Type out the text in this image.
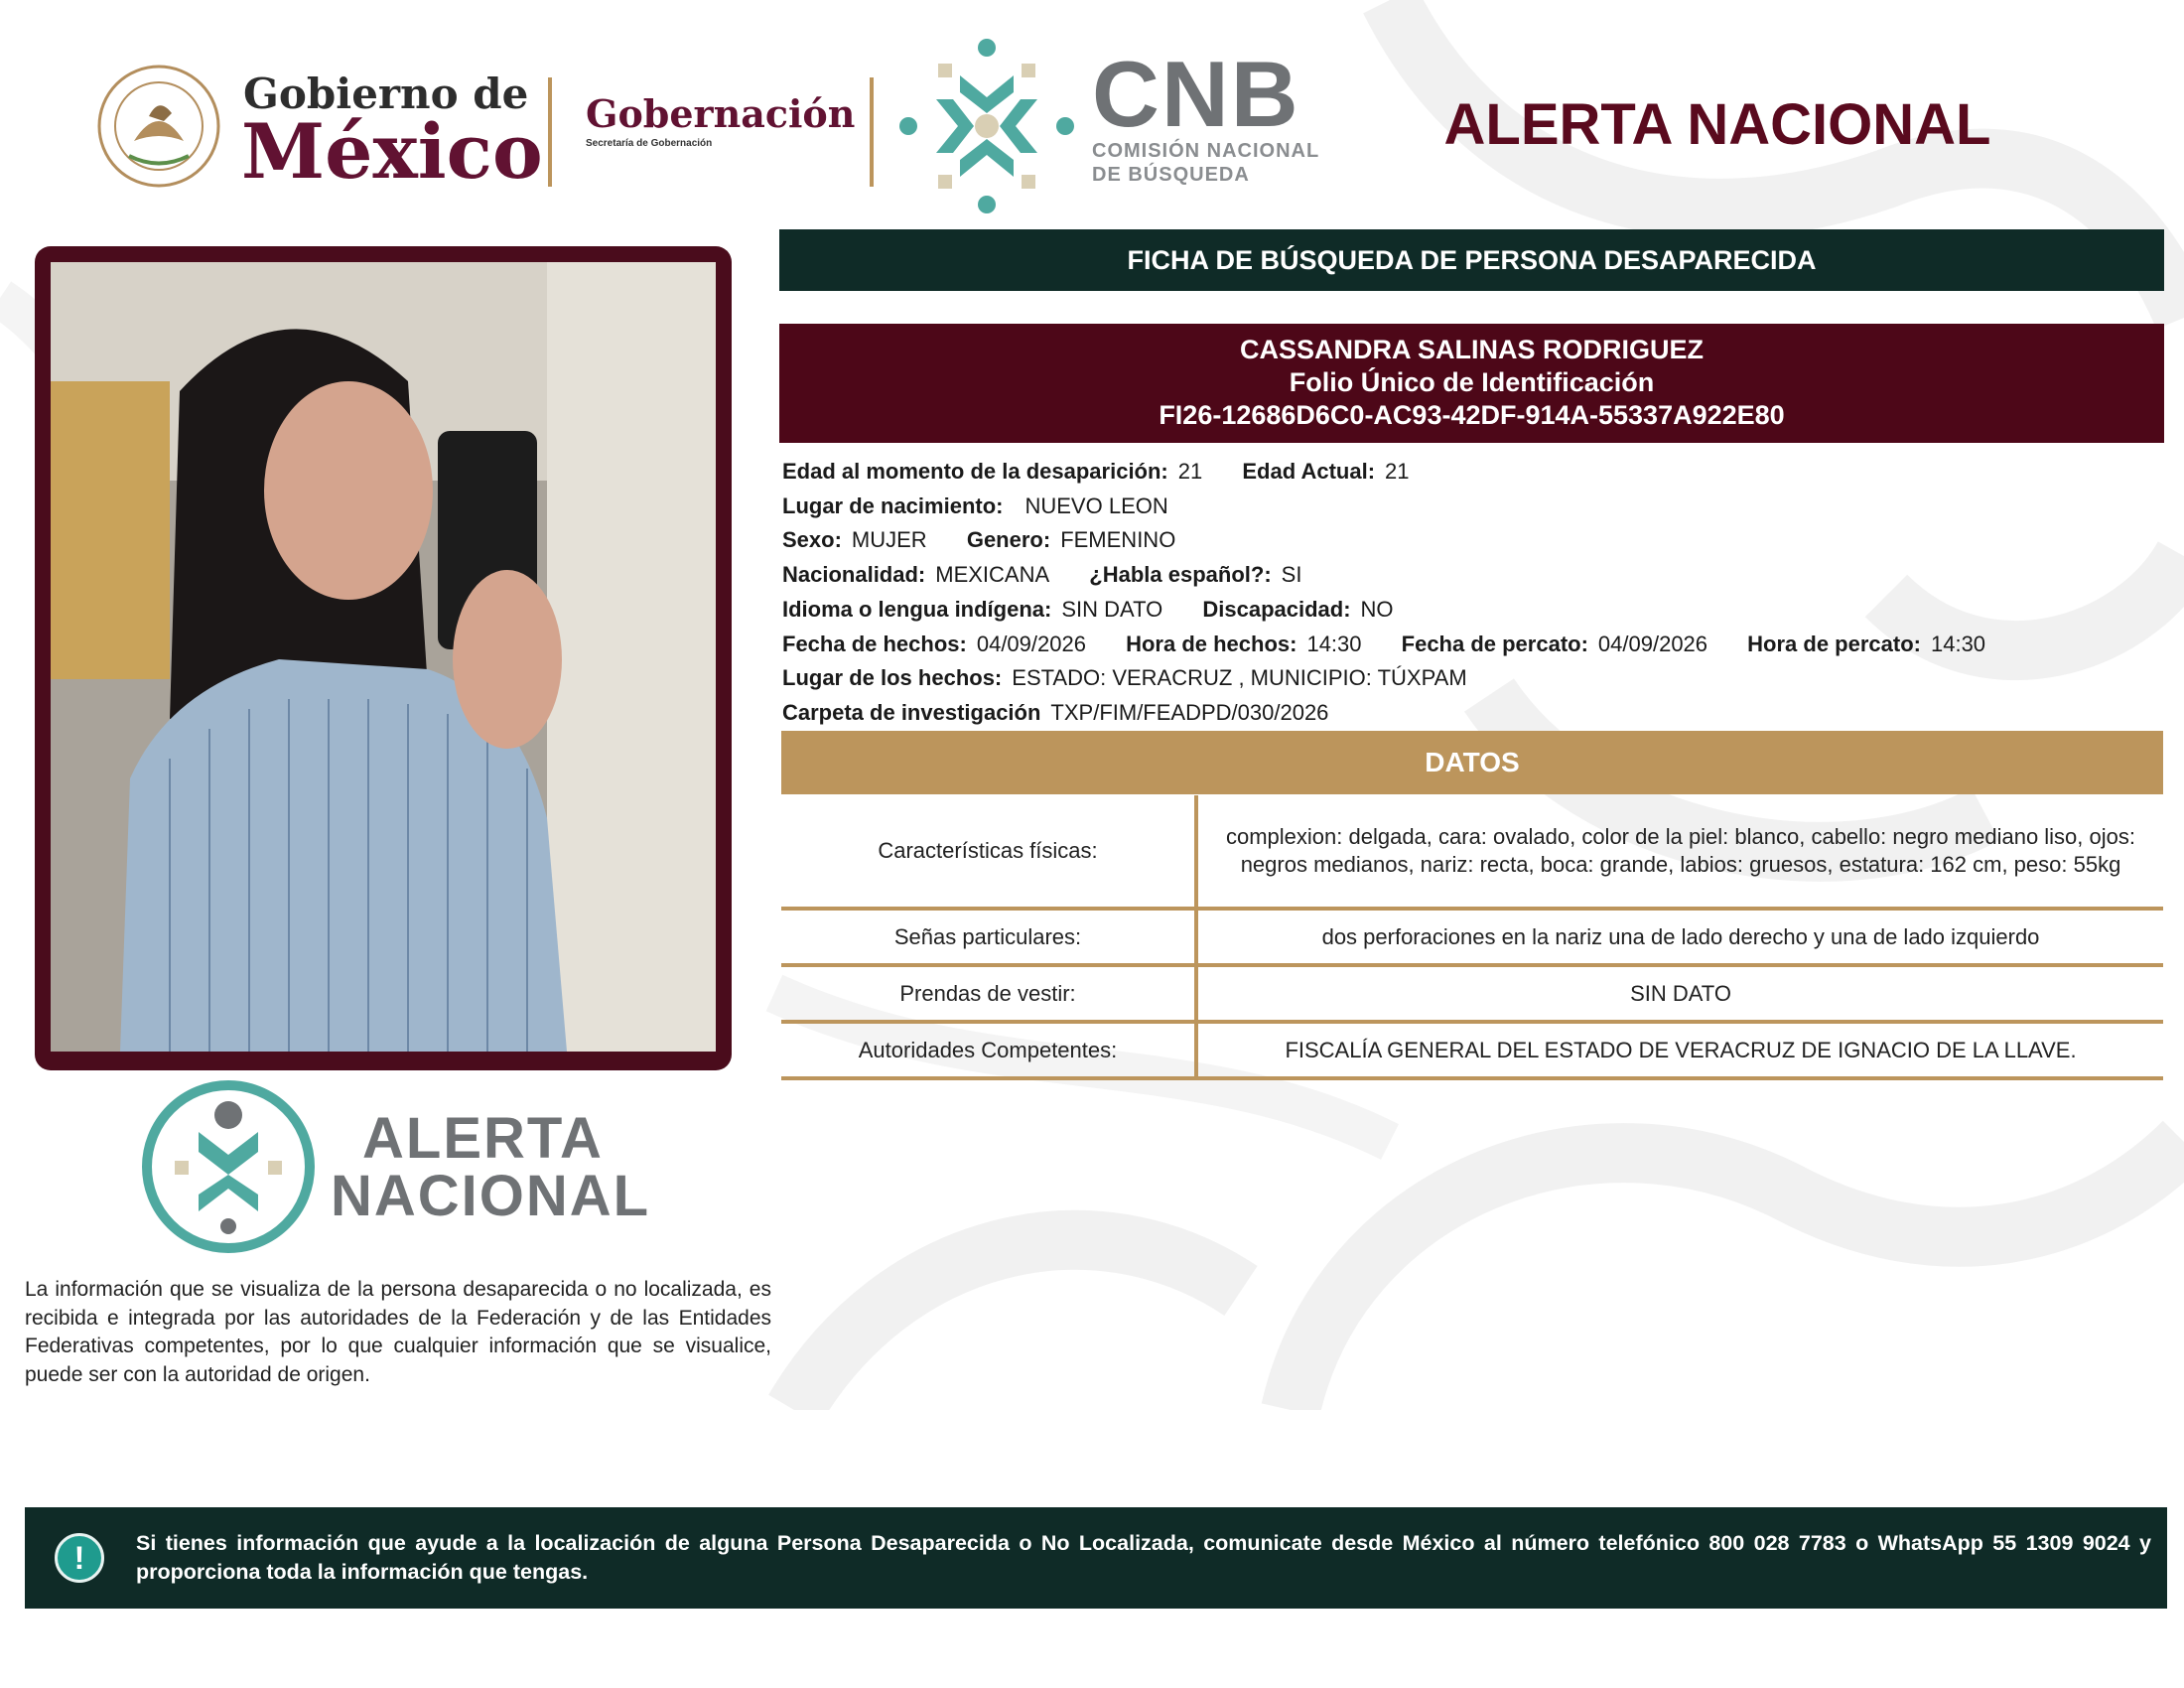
Gobierno de
México Gobernación
Secretaría de Gobernación	CNB
COMISIÓN NACIONAL
DE BÚSQUEDA
ALERTA NACIONAL
FICHA DE BÚSQUEDA DE PERSONA DESAPARECIDA
CASSANDRA SALINAS RODRIGUEZ
Folio Único de Identificación
FI26-12686D6C0-AC93-42DF-914A-55337A922E80
Edad al momento de la desaparición: 21 Edad Actual: 21
Lugar de nacimiento: NUEVO LEON
Sexo: MUJER Genero: FEMENINO
Nacionalidad: MEXICANA ¿Habla español?: SI
Idioma o lengua indígena: SIN DATO Discapacidad: NO
Fecha de hechos: 04/09/2026 Hora de hechos: 14:30 Fecha de percato: 04/09/2026 Hora de percato: 14:30
Lugar de los hechos: ESTADO: VERACRUZ , MUNICIPIO: TÚXPAM
Carpeta de investigación TXP/FIM/FEADPD/030/2026
DATOS
Características físicas:	complexion: delgada, cara: ovalado, color de la piel: blanco, cabello: negro mediano liso, ojos: negros medianos, nariz: recta, boca: grande, labios: gruesos, estatura: 162 cm, peso: 55kg
Señas particulares:	dos perforaciones en la nariz una de lado derecho y una de lado izquierdo
Prendas de vestir:	SIN DATO
Autoridades Competentes:	FISCALÍA GENERAL DEL ESTADO DE VERACRUZ DE IGNACIO DE LA LLAVE.
ALERTA
NACIONAL
La información que se visualiza de la persona desaparecida o no localizada, es recibida e integrada por las autoridades de la Federación y de las Entidades Federativas competentes, por lo que cualquier información que se visualice, puede ser con la autoridad de origen.
!	Si tienes información que ayude a la localización de alguna Persona Desaparecida o No Localizada, comunicate desde México al número telefónico 800 028 7783 o WhatsApp 55 1309 9024 y proporciona toda la información que tengas.
